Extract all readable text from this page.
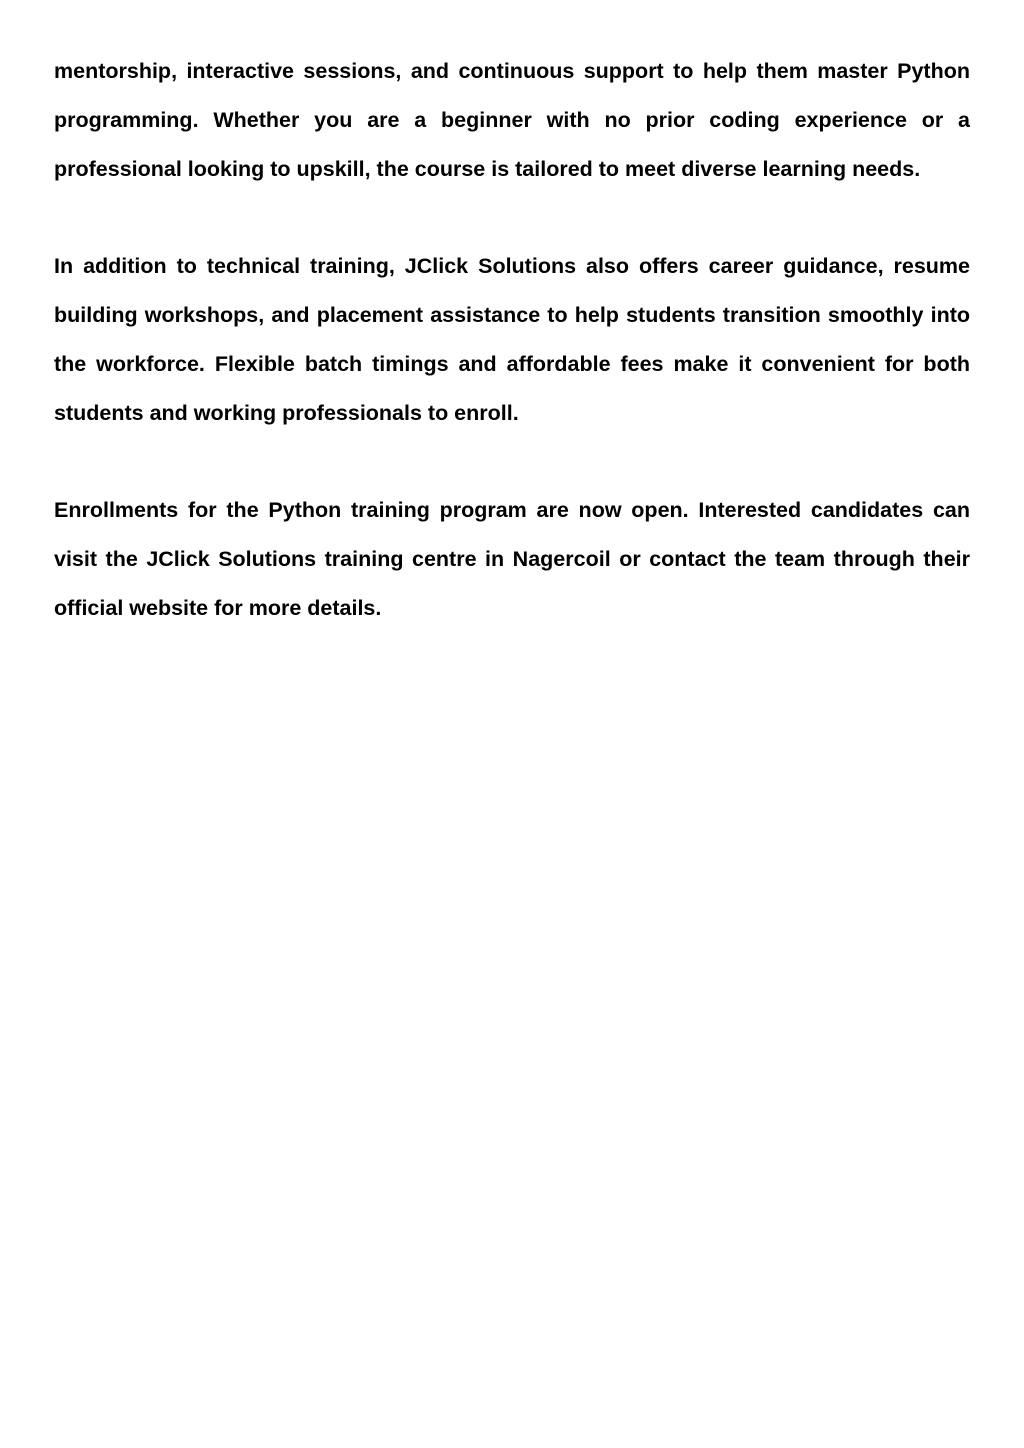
mentorship, interactive sessions, and continuous support to help them master Python programming. Whether you are a beginner with no prior coding experience or a professional looking to upskill, the course is tailored to meet diverse learning needs.

In addition to technical training, JClick Solutions also offers career guidance, resume building workshops, and placement assistance to help students transition smoothly into the workforce. Flexible batch timings and affordable fees make it convenient for both students and working professionals to enroll.

Enrollments for the Python training program are now open. Interested candidates can visit the JClick Solutions training centre in Nagercoil or contact the team through their official website for more details.
